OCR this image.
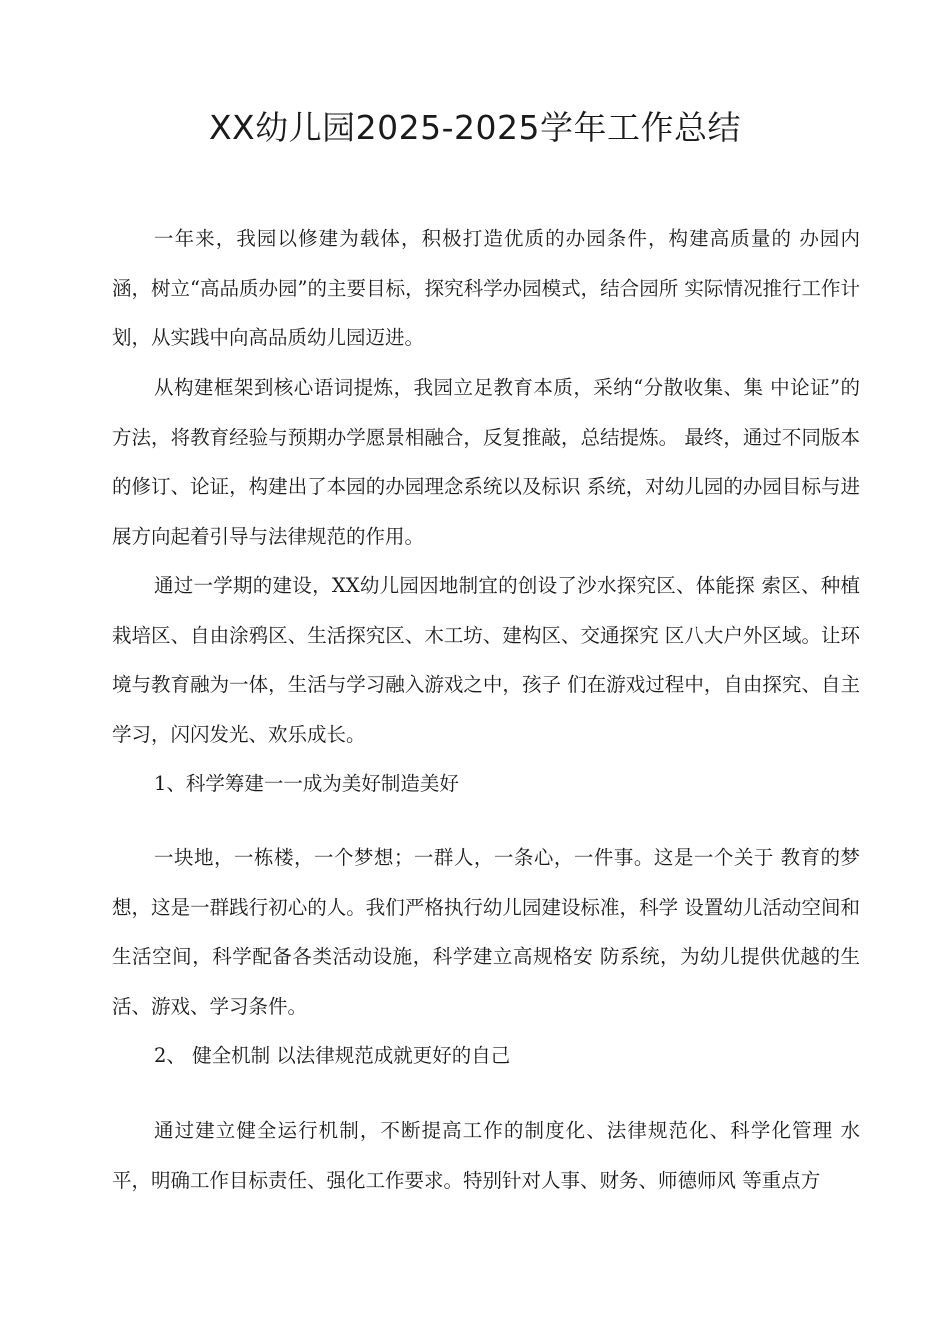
XX幼儿园2025-2025学年工作总结

一年来，我园以修建为载体，积极打造优质的办园条件，构建高质量的 办园内涵，树立“高品质办园”的主要目标，探究科学办园模式，结合园所 实际情况推行工作计划，从实践中向高品质幼儿园迈进。

从构建框架到核心语词提炼，我园立足教育本质，采纳“分散收集、集 中论证”的方法，将教育经验与预期办学愿景相融合，反复推敲，总结提炼。 最终，通过不同版本的修订、论证，构建出了本园的办园理念系统以及标识 系统，对幼儿园的办园目标与进展方向起着引导与法律规范的作用。

通过一学期的建设，XX幼儿园因地制宜的创设了沙水探究区、体能探 索区、种植栽培区、自由涂鸦区、生活探究区、木工坊、建构区、交通探究 区八大户外区域。让环境与教育融为一体，生活与学习融入游戏之中，孩子 们在游戏过程中，自由探究、自主学习，闪闪发光、欢乐成长。

1、科学筹建一一成为美好制造美好

一块地，一栋楼，一个梦想；一群人，一条心，一件事。这是一个关于 教育的梦想，这是一群践行初心的人。我们严格执行幼儿园建设标准，科学 设置幼儿活动空间和生活空间，科学配备各类活动设施，科学建立高规格安 防系统，为幼儿提供优越的生活、游戏、学习条件。

2、 健全机制 以法律规范成就更好的自己

通过建立健全运行机制，不断提高工作的制度化、法律规范化、科学化管理 水平，明确工作目标责任、强化工作要求。特别针对人事、财务、师德师风 等重点方
